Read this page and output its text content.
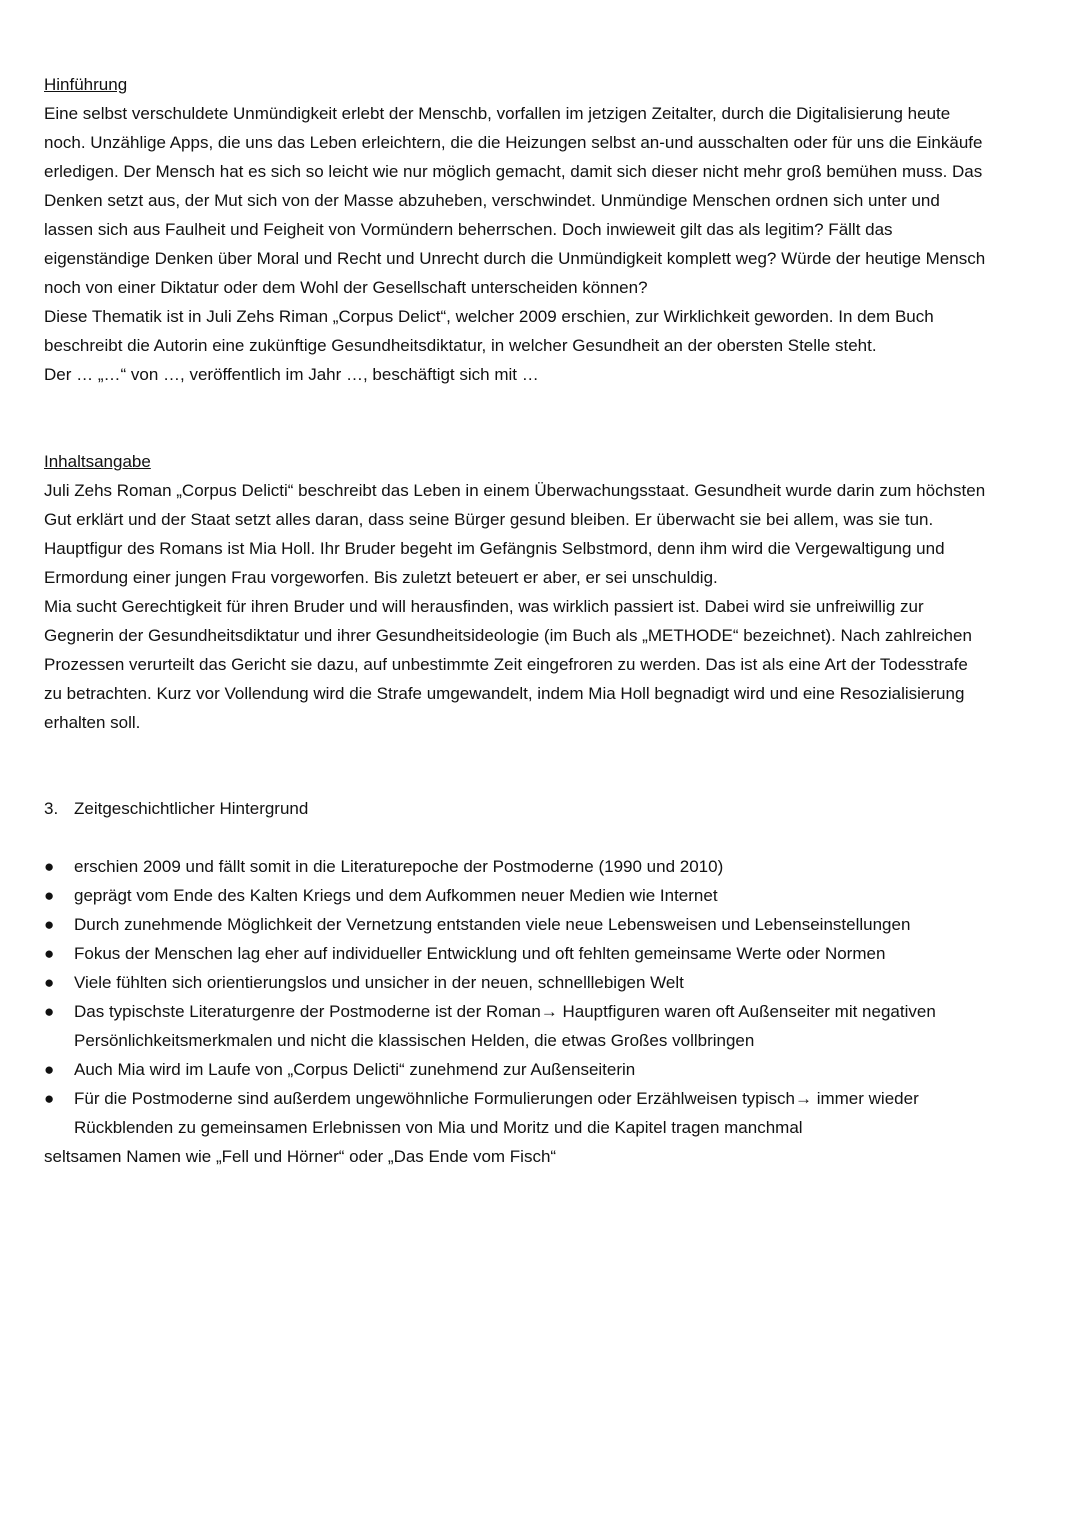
Hinführung
Eine selbst verschuldete Unmündigkeit erlebt der Menschb, vorfallen im jetzigen Zeitalter, durch die Digitalisierung heute
noch. Unzählige Apps, die uns das Leben erleichtern, die die Heizungen selbst an-und ausschalten oder für uns die Einkäufe
erledigen. Der Mensch hat es sich so leicht wie nur möglich gemacht, damit sich dieser nicht mehr groß bemühen muss. Das
Denken setzt aus, der Mut sich von der Masse abzuheben, verschwindet. Unmündige Menschen ordnen sich unter und
lassen sich aus Faulheit und Feigheit von Vormündern beherrschen. Doch inwieweit gilt das als legitim? Fällt das
eigenständige Denken über Moral und Recht und Unrecht durch die Unmündigkeit komplett weg? Würde der heutige Mensch
noch von einer Diktatur oder dem Wohl der Gesellschaft unterscheiden können?
Diese Thematik ist in Juli Zehs Riman „Corpus Delict“, welcher 2009 erschien, zur Wirklichkeit geworden. In dem Buch
beschreibt die Autorin eine zukünftige Gesundheitsdiktatur, in welcher Gesundheit an der obersten Stelle steht.
Der … „…“ von …, veröffentlich im Jahr …, beschäftigt sich mit …
Inhaltsangabe
Juli Zehs Roman „Corpus Delicti“ beschreibt das Leben in einem Überwachungsstaat. Gesundheit wurde darin zum höchsten
Gut erklärt und der Staat setzt alles daran, dass seine Bürger gesund bleiben. Er überwacht sie bei allem, was sie tun.
Hauptfigur des Romans ist Mia Holl. Ihr Bruder begeht im Gefängnis Selbstmord, denn ihm wird die Vergewaltigung und
Ermordung einer jungen Frau vorgeworfen. Bis zuletzt beteuert er aber, er sei unschuldig.
Mia sucht Gerechtigkeit für ihren Bruder und will herausfinden, was wirklich passiert ist. Dabei wird sie unfreiwillig zur
Gegnerin der Gesundheitsdiktatur und ihrer Gesundheitsideologie (im Buch als „METHODE“ bezeichnet). Nach zahlreichen
Prozessen verurteilt das Gericht sie dazu, auf unbestimmte Zeit eingefroren zu werden. Das ist als eine Art der Todesstrafe
zu betrachten. Kurz vor Vollendung wird die Strafe umgewandelt, indem Mia Holl begnadigt wird und eine Resozialisierung
erhalten soll.
3. Zeitgeschichtlicher Hintergrund
● erschien 2009 und fällt somit in die Literaturepoche der Postmoderne (1990 und 2010)
● geprägt vom Ende des Kalten Kriegs und dem Aufkommen neuer Medien wie Internet
● Durch zunehmende Möglichkeit der Vernetzung entstanden viele neue Lebensweisen und Lebenseinstellungen
● Fokus der Menschen lag eher auf individueller Entwicklung und oft fehlten gemeinsame Werte oder Normen
● Viele fühlten sich orientierungslos und unsicher in der neuen, schnelllebigen Welt
● Das typischste Literaturgenre der Postmoderne ist der Roman→ Hauptfiguren waren oft Außenseiter mit negativen
Persönlichkeitsmerkmalen und nicht die klassischen Helden, die etwas Großes vollbringen
● Auch Mia wird im Laufe von „Corpus Delicti“ zunehmend zur Außenseiterin
● Für die Postmoderne sind außerdem ungewöhnliche Formulierungen oder Erzählweisen typisch→ immer wieder
Rückblenden zu gemeinsamen Erlebnissen von Mia und Moritz und die Kapitel tragen manchmal
seltsamen Namen wie „Fell und Hörner“ oder „Das Ende vom Fisch“
